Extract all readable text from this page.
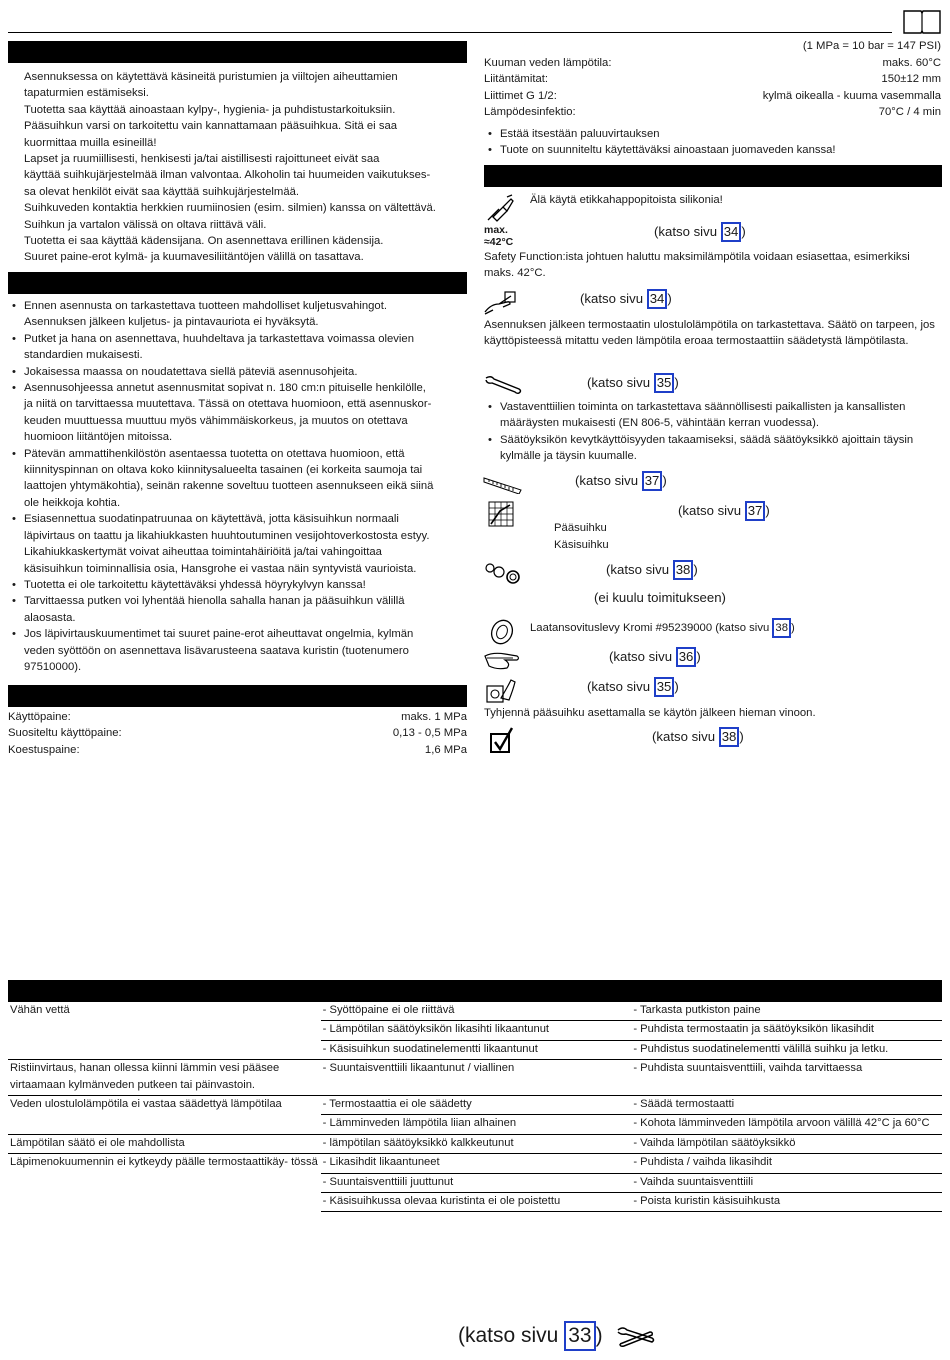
Asennuksessa on käytettävä käsineitä puristumien ja viiltojen aiheuttamien

tapaturmien estämiseksi.

Tuotetta saa käyttää ainoastaan kylpy-, hygienia- ja puhdistustarkoituksiin.

Pääsuihkun varsi on tarkoitettu vain kannattamaan pääsuihkua. Sitä ei saa

kuormittaa muilla esineillä!

Lapset ja ruumiillisesti, henkisesti ja/tai aistillisesti rajoittuneet eivät saa

käyttää suihkujärjestelmää ilman valvontaa. Alkoholin tai huumeiden vaikutukses-

sa olevat henkilöt eivät saa käyttää suihkujärjestelmää.

Suihkuveden kontaktia herkkien ruumiinosien (esim. silmien) kanssa on vältettävä.

Suihkun ja vartalon välissä on oltava riittävä väli.

Tuotetta ei saa käyttää kädensijana. On asennettava erillinen kädensija.

Suuret paine-erot kylmä- ja kuumavesiliitäntöjen välillä on tasattava.

• Ennen asennusta on tarkastettava tuotteen mahdolliset kuljetusvahingot.
Asennuksen jälkeen kuljetus- ja pintavauriota ei hyväksytä.
• Putket ja hana on asennettava, huuhdeltava ja tarkastettava voimassa olevien
standardien mukaisesti.
• Jokaisessa maassa on noudatettava siellä päteviä asennusohjeita.
• Asennusohjeessa annetut asennusmitat sopivat n. 180 cm:n pituiselle henkilölle,
ja niitä on tarvittaessa muutettava. Tässä on otettava huomioon, että asennuskor-
keuden muuttuessa muuttuu myös vähimmäiskorkeus, ja muutos on otettava
huomioon liitäntöjen mitoissa.
• Pätevän ammattihenkilöstön asentaessa tuotetta on otettava huomioon, että
kiinnityspinnan on oltava koko kiinnitysalueelta tasainen (ei korkeita saumoja tai
laattojen yhtymäkohtia), seinän rakenne soveltuu tuotteen asennukseen eikä siinä
ole heikkoja kohtia.
• Esiasennettua suodatinpatruunaa on käytettävä, jotta käsisuihkun normaali
läpivirtaus on taattu ja likahiukkasten huuhtoutuminen vesijohtoverkostosta estyy.
Likahiukkaskertymät voivat aiheuttaa toimintahäiriöitä ja/tai vahingoittaa
käsisuihkun toiminnallisia osia, Hansgrohe ei vastaa näin syntyvistä vaurioista.
• Tuotetta ei ole tarkoitettu käytettäväksi yhdessä höyrykylvyn kanssa!
• Tarvittaessa putken voi lyhentää hienolla sahalla hanan ja pääsuihkun välillä
alaosasta.
• Jos läpivirtauskuumentimet tai suuret paine-erot aiheuttavat ongelmia, kylmän
veden syöttöön on asennettava lisävarusteena saatava kuristin (tuotenumero
97510000).
Käyttöpaine:	maks. 1 MPa
Suositeltu käyttöpaine:	0,13 - 0,5 MPa
Koestuspaine:	1,6 MPa

(1 MPa = 10 bar = 147 PSI)

Kuuman veden lämpötila:	maks. 60°C
Liitäntämitat:	150±12 mm
Liittimet G 1/2:	kylmä oikealla - kuuma vasemmalla
Lämpödesinfektio:	70°C / 4 min
• Estää itsestään paluuvirtauksen
• Tuote on suunniteltu käytettäväksi ainoastaan juomaveden kanssa!
Älä käytä etikkahappopitoista silikonia!
max.
≈42°C
(katso sivu 34 )

Safety Function:ista johtuen haluttu maksimilämpötila voidaan esiasettaa, esimerkiksi maks. 42°C.

(katso sivu 34 )

Asennuksen jälkeen termostaatin ulostulolämpötila on tarkastettava. Säätö on tarpeen, jos käyttöpisteessä mitattu veden lämpötila eroaa termostaattiin säädetystä lämpötilasta.

(katso sivu 35 )
• Vastaventtiilien toiminta on tarkastettava säännöllisesti paikallisten ja kansallisten määräysten mukaisesti (EN 806-5, vähintään kerran vuodessa).
• Säätöyksikön kevytkäyttöisyyden takaamiseksi, säädä säätöyksikkö ajoittain täysin kylmälle ja täysin kuumalle.
(katso sivu 37 )
(katso sivu 37 )
Pääsuihku
Käsisuihku
(katso sivu 38 )
(ei kuulu toimitukseen)
Laatansovituslevy Kromi #95239000 (katso sivu 38 )
(katso sivu 36 )
(katso sivu 35 )
Tyhjennä pääsuihku asettamalla se käytön jälkeen hieman vinoon.
(katso sivu 38 )
Vähän vettä	- Syöttöpaine ei ole riittävä	- Tarkasta putkiston paine

	- Lämpötilan säätöyksikön likasihti likaantunut	- Puhdista termostaatin ja säätöyksikön likasihdit

	- Käsisuihkun suodatinelementti likaantunut	- Puhdistus suodatinelementti välillä suihku ja letku.

Ristiinvirtaus, hanan ollessa kiinni lämmin vesi pääsee virtaamaan kylmänveden putkeen tai päinvastoin.	- Suuntaisventtiili likaantunut / viallinen	- Puhdista suuntaisventtiili, vaihda tarvittaessa

Veden ulostulolämpötila ei vastaa säädettyä lämpötilaa	- Termostaattia ei ole säädetty	- Säädä termostaatti

	- Lämminveden lämpötila liian alhainen	- Kohota lämminveden lämpötila arvoon välillä 42°C ja 60°C

Lämpötilan säätö ei ole mahdollista	- lämpötilan säätöyksikkö kalkkeutunut	- Vaihda lämpötilan säätöyksikkö

Läpimenokuumennin ei kytkeydy päälle termostaattikäy- tössä	- Likasihdit likaantuneet	- Puhdista / vaihda likasihdit

	- Suuntaisventtiili juuttunut	- Vaihda suuntaisventtiili

	- Käsisuihkussa olevaa kuristinta ei ole poistettu	- Poista kuristin käsisuihkusta
(katso sivu 33 )
